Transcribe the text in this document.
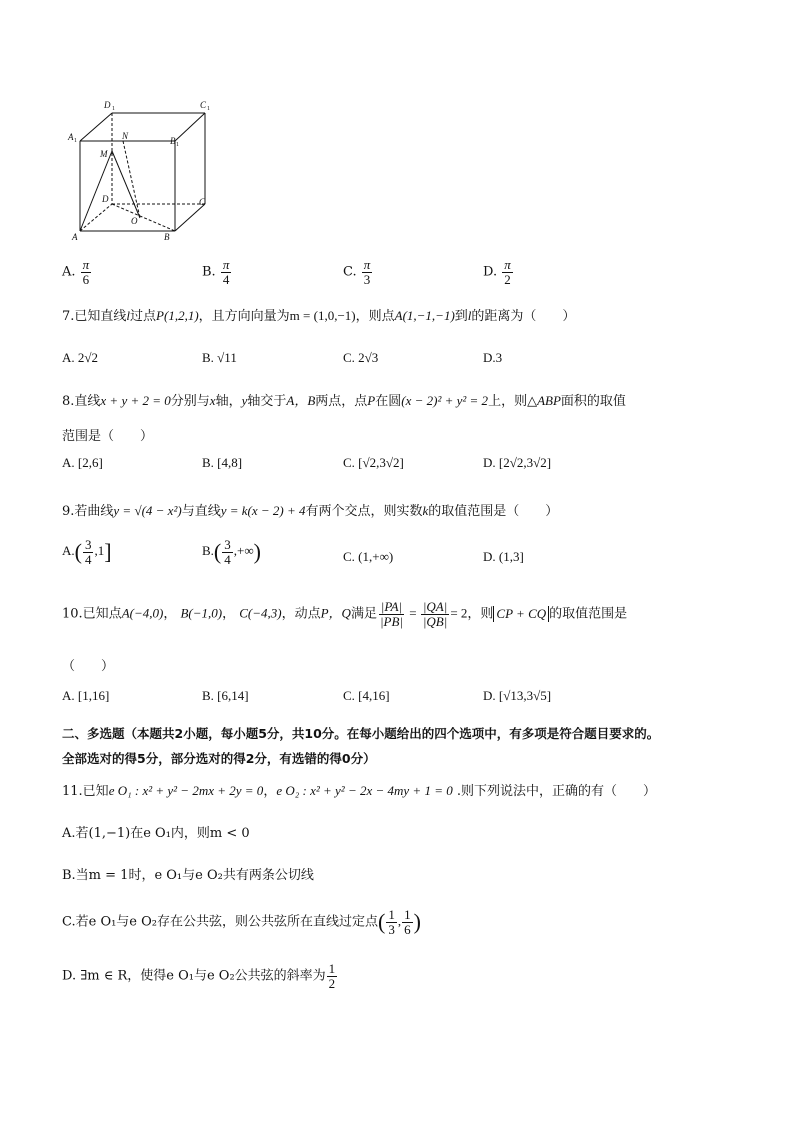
D 1	C 1
A 1	B 1
N
M
D	C
O
A	B
A. $\frac{\pi}{6}$	B. $\frac{\pi}{4}$	C. $\frac{\pi}{3}$	D. $\frac{\pi}{2}$
7.已知直线l过点P(1,2,1)，且方向向量为m = (1,0,−1)，则点A(1,−1,−1)到l的距离为（　　）
A. 2√2	B. √11	C. 2√3	D.3
8.直线x + y + 2 = 0分别与x轴，y轴交于A，B两点，点P在圆(x − 2)² + y² = 2上，则△ABP面积的取值
范围是（　　）
A. [2,6]	B. [4,8]	C. [√2,3√2]	D. [2√2,3√2]
9.若曲线y = √(4 − x²)与直线y = k(x − 2) + 4有两个交点，则实数k的取值范围是（　　）
$A.( \frac{3}{4} ,1]$	$B.( \frac{3}{4}$ ,+∞)	C. (1,+∞)	D. (1,3]
10.已知点A(−4,0)， B(−1,0)， C(−4,3)，动点P，Q满足 $\frac{|PA|}{|PB|} = \frac{|QA|}{|QB|} = 2$，则 CP + CQ 的取值范围是
（　　）
A. [1,16]	B. [6,14]	C. [4,16]	D. [√13,3√5]
二、多选题（本题共2小题，每小题5分，共10分。在每小题给出的四个选项中，有多项是符合题目要求的。
全部选对的得5分，部分选对的得2分，有选错的得0分）
11.已知e O₁ : x² + y² − 2mx + 2y = 0，e O₂ : x² + y² − 2x − 4my + 1 = 0 .则下列说法中，正确的有（　　）
A.若(1,−1)在e O₁内，则m < 0
B.当m = 1时，e O₁与e O₂共有两条公切线
C.若e O₁与e O₂存在公共弦，则公共弦所在直线过定点( $\frac{1}{3}$ , $\frac{1}{6}$ )
D. ∃m ∈ R，使得e O₁与e O₂公共弦的斜率为 $\frac{1}{2}$
